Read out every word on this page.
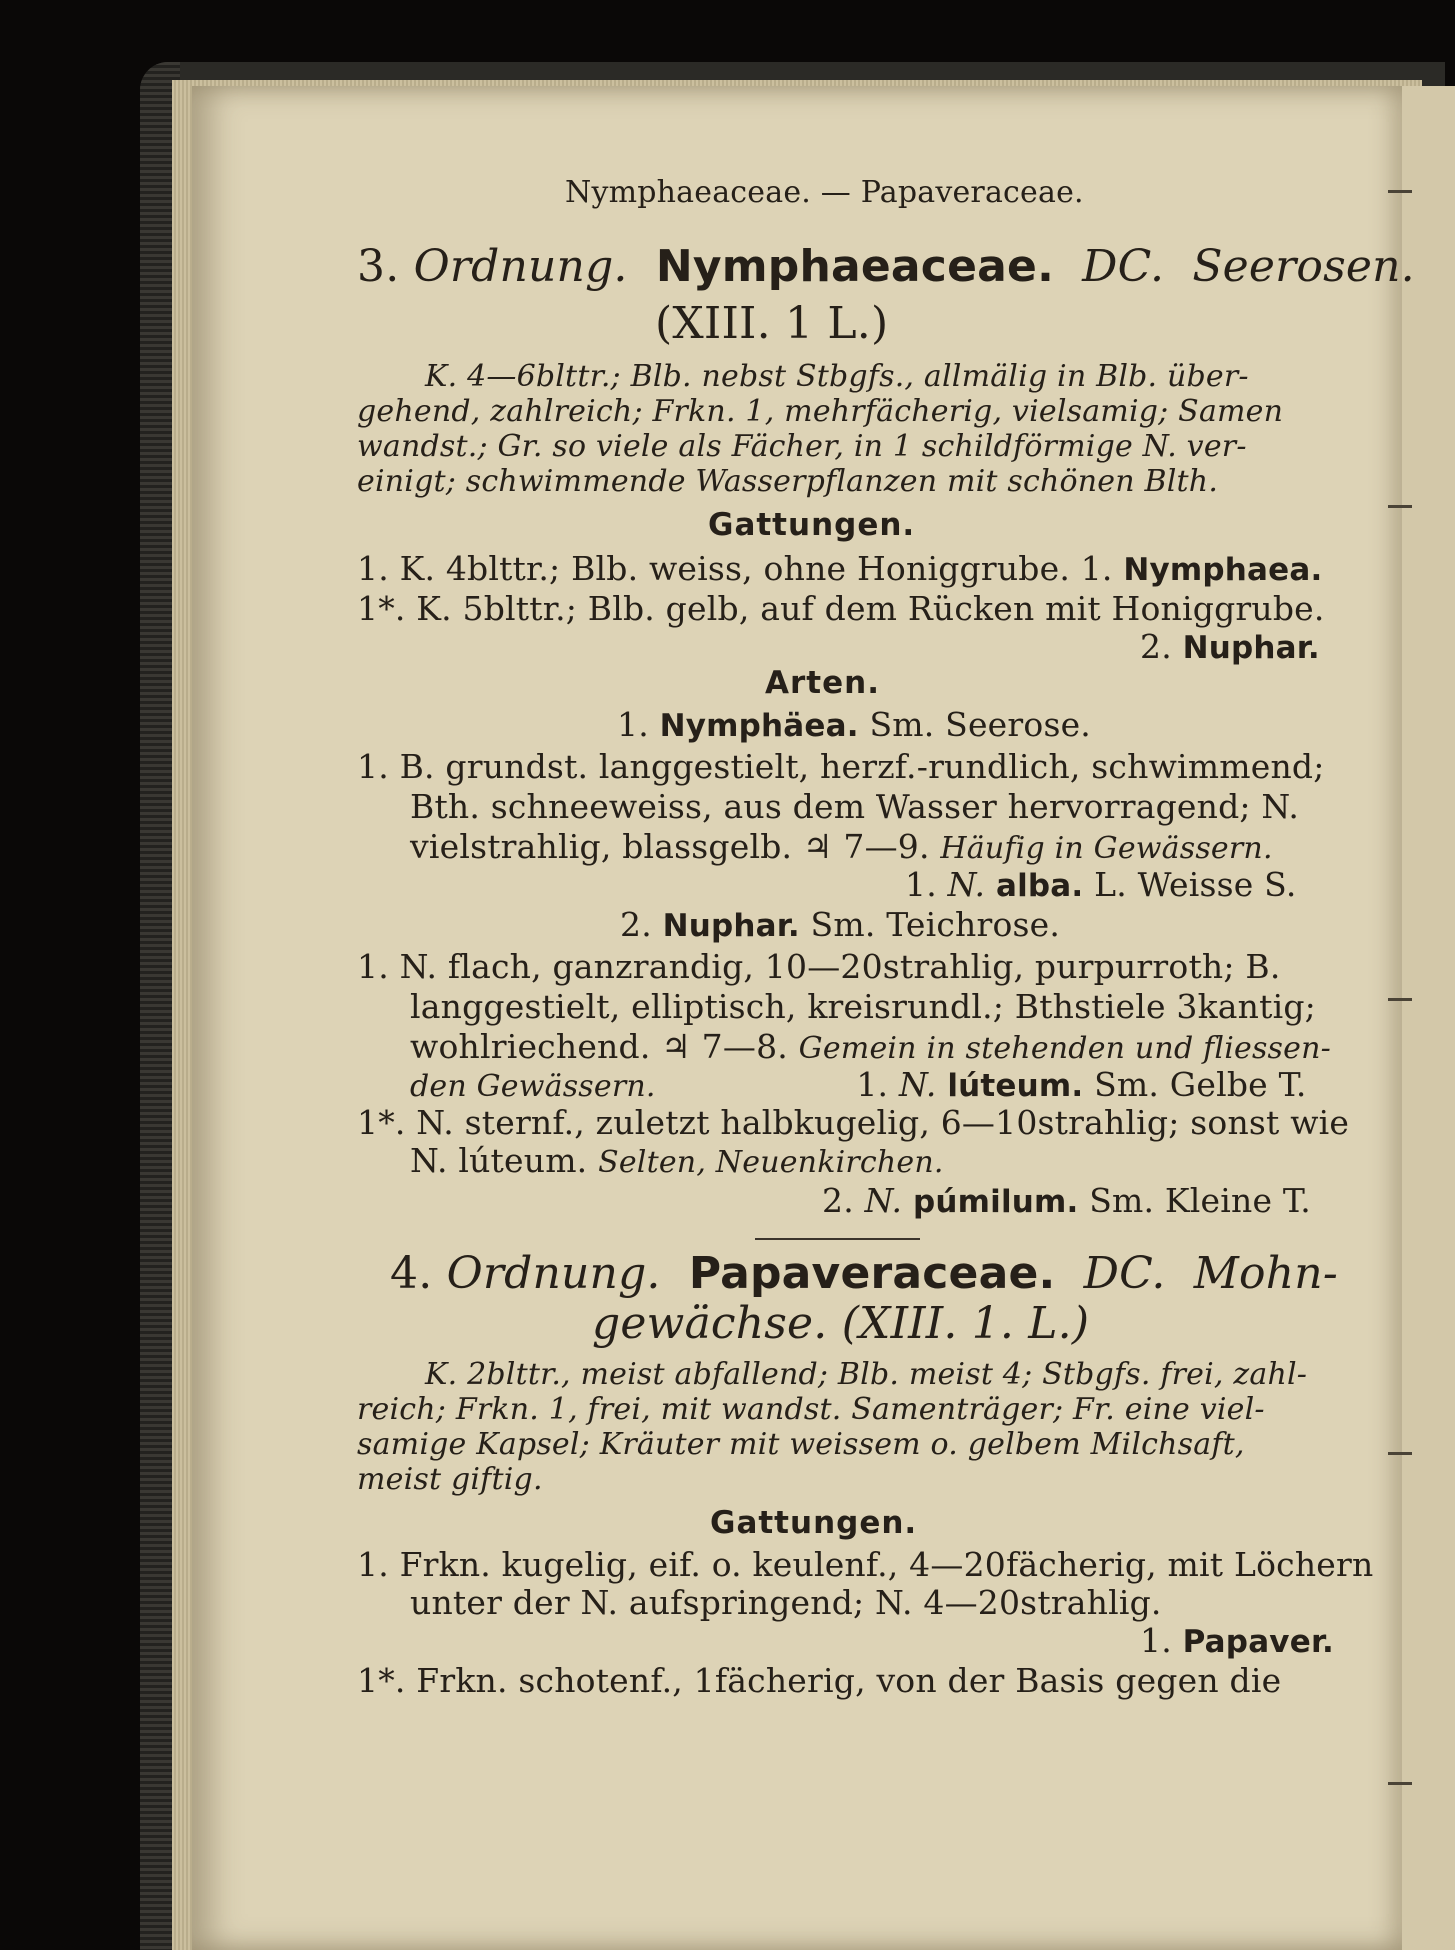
Nymphaeaceae. — Papaveraceae.
3. Ordnung. Nymphaeaceae. DC. Seerosen.
(XIII. 1 L.)
K. 4—6blttr.; Blb. nebst Stbgfs., allmälig in Blb. über-
gehend, zahlreich; Frkn. 1, mehrfächerig, vielsamig; Samen
wandst.; Gr. so viele als Fächer, in 1 schildförmige N. ver-
einigt; schwimmende Wasserpflanzen mit schönen Blth.
Gattungen.
1. K. 4blttr.; Blb. weiss, ohne Honiggrube. 1. Nymphaea.
1*. K. 5blttr.; Blb. gelb, auf dem Rücken mit Honiggrube.
2. Nuphar.
Arten.
1. Nymphäea. Sm. Seerose.
1. B. grundst. langgestielt, herzf.-rundlich, schwimmend;
Bth. schneeweiss, aus dem Wasser hervorragend; N.
vielstrahlig, blassgelb. ♃ 7—9. Häufig in Gewässern.
1. N. alba. L. Weisse S.
2. Nuphar. Sm. Teichrose.
1. N. flach, ganzrandig, 10—20strahlig, purpurroth; B.
langgestielt, elliptisch, kreisrundl.; Bthstiele 3kantig;
wohlriechend. ♃ 7—8. Gemein in stehenden und fliessen-
den Gewässern.	1. N. lúteum. Sm. Gelbe T.
1*. N. sternf., zuletzt halbkugelig, 6—10strahlig; sonst wie
N. lúteum. Selten, Neuenkirchen.
2. N. púmilum. Sm. Kleine T.
4. Ordnung. Papaveraceae. DC. Mohn-
gewächse. (XIII. 1. L.)
K. 2blttr., meist abfallend; Blb. meist 4; Stbgfs. frei, zahl-
reich; Frkn. 1, frei, mit wandst. Samenträger; Fr. eine viel-
samige Kapsel; Kräuter mit weissem o. gelbem Milchsaft,
meist giftig.
Gattungen.
1. Frkn. kugelig, eif. o. keulenf., 4—20fächerig, mit Löchern
unter der N. aufspringend; N. 4—20strahlig.
1. Papaver.
1*. Frkn. schotenf., 1fächerig, von der Basis gegen die
